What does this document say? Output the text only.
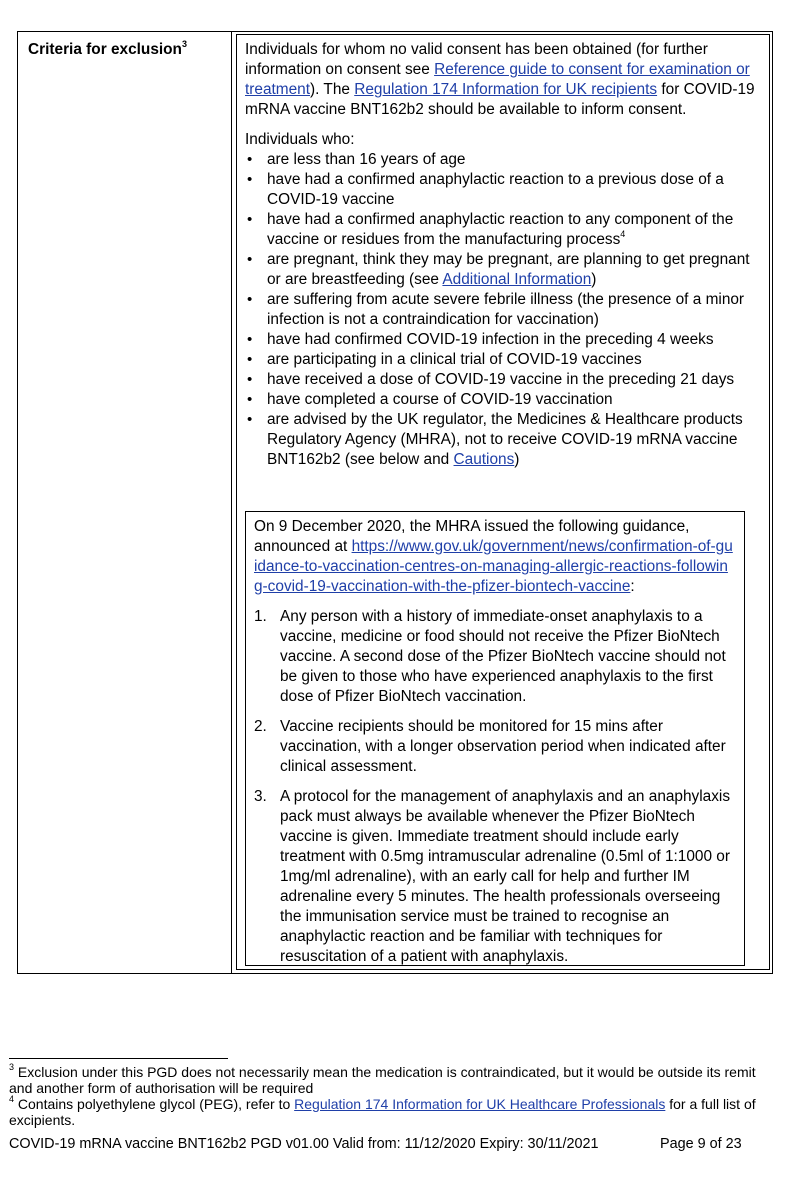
Criteria for exclusion$^3$	Individuals for whom no valid consent has been obtained (for further information on consent see Reference guide to consent for examination or treatment). The Regulation 174 Information for UK recipients for COVID-19 mRNA vaccine BNT162b2 should be available to inform consent.

Individuals who:
• are less than 16 years of age
• have had a confirmed anaphylactic reaction to a previous dose of a COVID-19 vaccine
• have had a confirmed anaphylactic reaction to any component of the vaccine or residues from the manufacturing process$^4$
• are pregnant, think they may be pregnant, are planning to get pregnant or are breastfeeding (see Additional Information)
• are suffering from acute severe febrile illness (the presence of a minor infection is not a contraindication for vaccination)
• have had confirmed COVID-19 infection in the preceding 4 weeks
• are participating in a clinical trial of COVID-19 vaccines
• have received a dose of COVID-19 vaccine in the preceding 21 days
• have completed a course of COVID-19 vaccination
• are advised by the UK regulator, the Medicines & Healthcare products Regulatory Agency (MHRA), not to receive COVID-19 mRNA vaccine BNT162b2 (see below and Cautions)
On 9 December 2020, the MHRA issued the following guidance, announced at https://www.gov.uk/government/news/confirmation-of-guidance-to-vaccination-centres-on-managing-allergic-reactions-following-covid-19-vaccination-with-the-pfizer-biontech-vaccine:
1. Any person with a history of immediate-onset anaphylaxis to a vaccine, medicine or food should not receive the Pfizer BioNtech vaccine. A second dose of the Pfizer BioNtech vaccine should not be given to those who have experienced anaphylaxis to the first dose of Pfizer BioNtech vaccination.
2. Vaccine recipients should be monitored for 15 mins after vaccination, with a longer observation period when indicated after clinical assessment.
3. A protocol for the management of anaphylaxis and an anaphylaxis pack must always be available whenever the Pfizer BioNtech vaccine is given. Immediate treatment should include early treatment with 0.5mg intramuscular adrenaline (0.5ml of 1:1000 or 1mg/ml adrenaline), with an early call for help and further IM adrenaline every 5 minutes. The health professionals overseeing the immunisation service must be trained to recognise an anaphylactic reaction and be familiar with techniques for resuscitation of a patient with anaphylaxis.

$^3$ Exclusion under this PGD does not necessarily mean the medication is contraindicated, but it would be outside its remit and another form of authorisation will be required

$^4$ Contains polyethylene glycol (PEG), refer to Regulation 174 Information for UK Healthcare Professionals for a full list of excipients.

COVID-19 mRNA vaccine BNT162b2 PGD v01.00 Valid from: 11/12/2020 Expiry: 30/11/2021	Page 9 of 23
